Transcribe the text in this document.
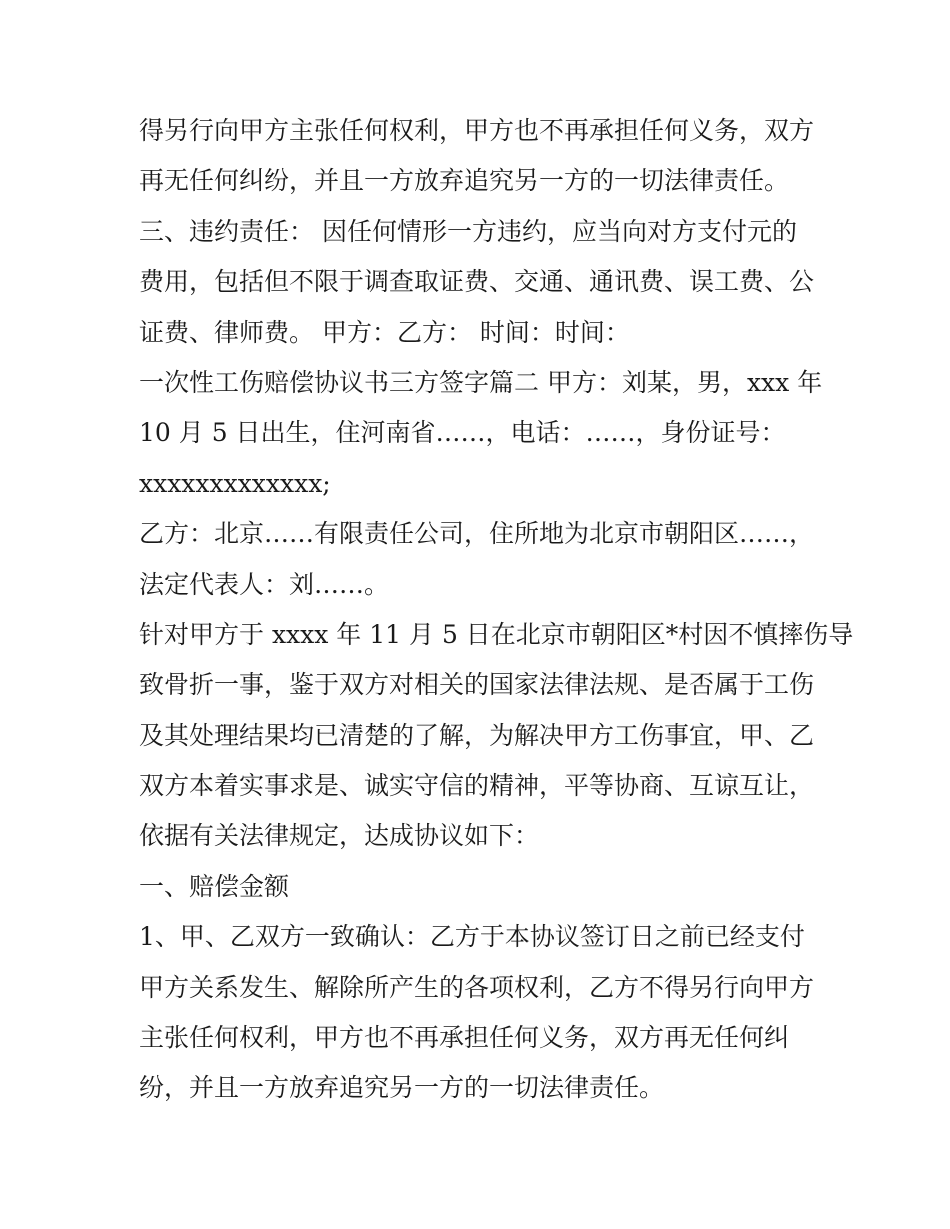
得另行向甲方主张任何权利，甲方也不再承担任何义务，双方
再无任何纠纷，并且一方放弃追究另一方的一切法律责任。
三、违约责任： 因任何情形一方违约，应当向对方支付元的
费用，包括但不限于调查取证费、交通、通讯费、误工费、公
证费、律师费。 甲方：乙方： 时间：时间：
一次性工伤赔偿协议书三方签字篇二 甲方：刘某，男，xxx 年
10 月 5 日出生，住河南省……，电话：……，身份证号：
xxxxxxxxxxxxx;
乙方：北京……有限责任公司，住所地为北京市朝阳区……，
法定代表人：刘……。
针对甲方于 xxxx 年 11 月 5 日在北京市朝阳区*村因不慎摔伤导
致骨折一事，鉴于双方对相关的国家法律法规、是否属于工伤
及其处理结果均已清楚的了解，为解决甲方工伤事宜，甲、乙
双方本着实事求是、诚实守信的精神，平等协商、互谅互让，
依据有关法律规定，达成协议如下：
一、赔偿金额
1、甲、乙双方一致确认：乙方于本协议签订日之前已经支付
甲方关系发生、解除所产生的各项权利，乙方不得另行向甲方
主张任何权利，甲方也不再承担任何义务，双方再无任何纠
纷，并且一方放弃追究另一方的一切法律责任。
